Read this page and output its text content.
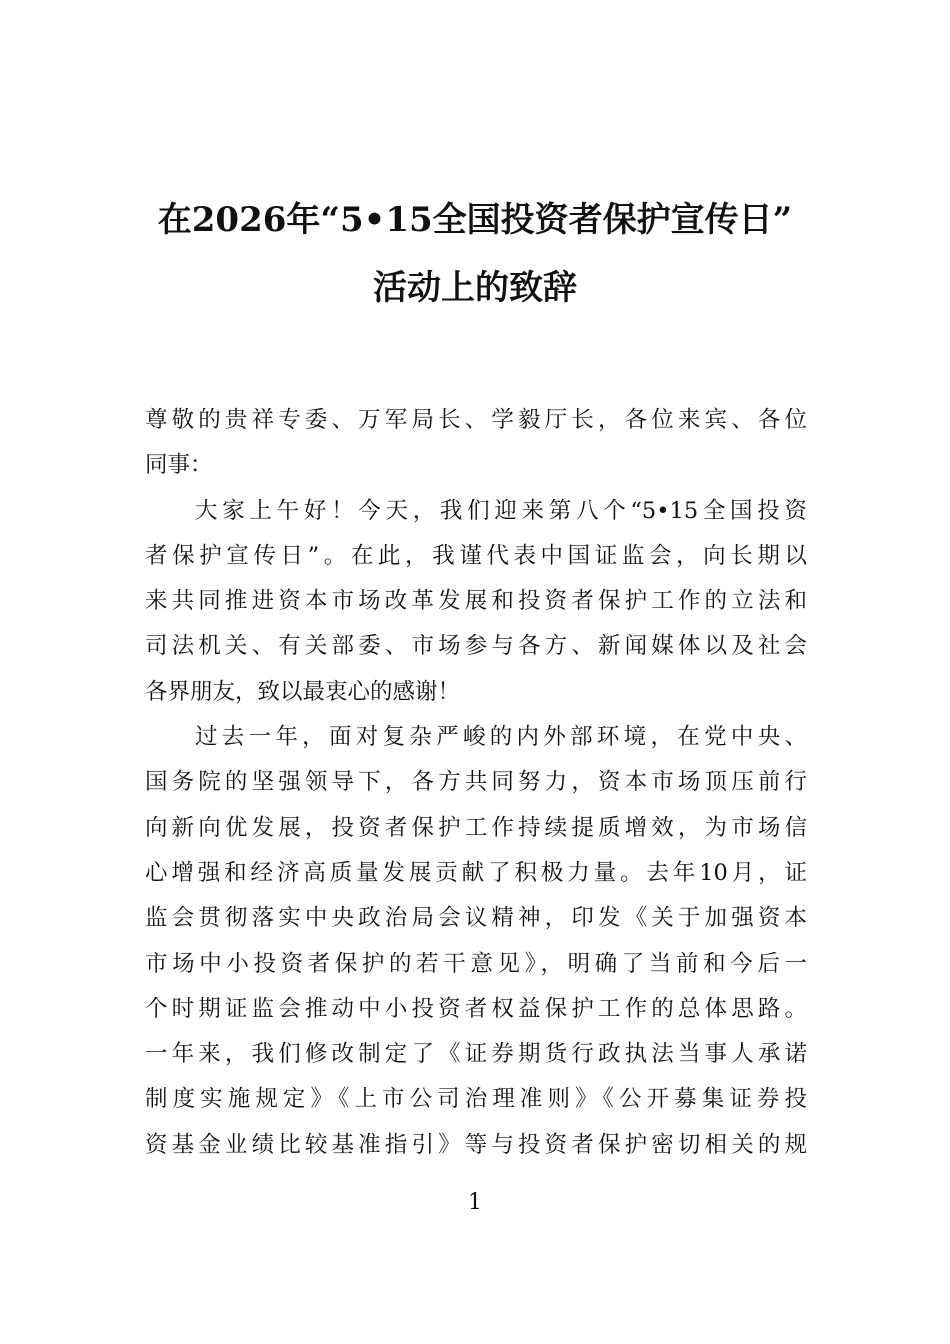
在2026年“5•15全国投资者保护宣传日”
活动上的致辞
尊敬的贵祥专委、万军局长、学毅厅长，各位来宾、各位
同事：
大家上午好！今天，我们迎来第八个“5•15全国投资
者保护宣传日”。在此，我谨代表中国证监会，向长期以
来共同推进资本市场改革发展和投资者保护工作的立法和
司法机关、有关部委、市场参与各方、新闻媒体以及社会
各界朋友，致以最衷心的感谢！
过去一年，面对复杂严峻的内外部环境，在党中央、
国务院的坚强领导下，各方共同努力，资本市场顶压前行
向新向优发展，投资者保护工作持续提质增效，为市场信
心增强和经济高质量发展贡献了积极力量。去年10月，证
监会贯彻落实中央政治局会议精神，印发《关于加强资本
市场中小投资者保护的若干意见》，明确了当前和今后一
个时期证监会推动中小投资者权益保护工作的总体思路。
一年来，我们修改制定了《证券期货行政执法当事人承诺
制度实施规定》《上市公司治理准则》《公开募集证券投
资基金业绩比较基准指引》等与投资者保护密切相关的规
1
